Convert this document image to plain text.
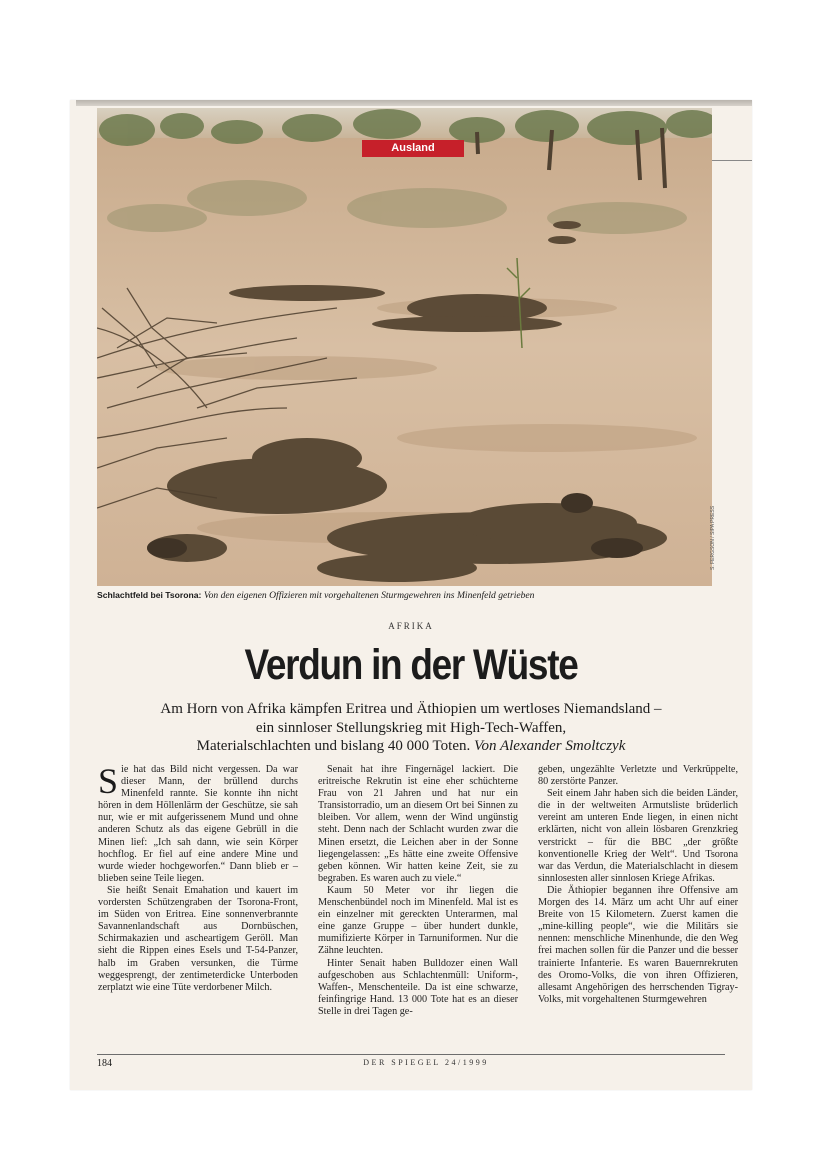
Ausland
S. FERGSON / SIPA PRESS
Schlachtfeld bei Tsorona: Von den eigenen Offizieren mit vorgehaltenen Sturmgewehren ins Minenfeld getrieben
AFRIKA
Verdun in der Wüste
Am Horn von Afrika kämpfen Eritrea und Äthiopien um wertloses Niemandsland –
ein sinnloser Stellungskrieg mit High-Tech-Waffen,
Materialschlachten und bislang 40 000 Toten. Von Alexander Smoltczyk

Sie hat das Bild nicht vergessen. Da war dieser Mann, der brüllend durchs Minenfeld rannte. Sie konnte ihn nicht hören in dem Höllenlärm der Geschütze, sie sah nur, wie er mit aufgerissenem Mund und ohne anderen Schutz als das eigene Gebrüll in die Minen lief: „Ich sah dann, wie sein Körper hochflog. Er fiel auf eine andere Mine und wurde wieder hochgeworfen.“ Dann blieb er – blieben seine Teile liegen.

Sie heißt Senait Emahation und kauert im vordersten Schützengraben der Tsorona-Front, im Süden von Eritrea. Eine sonnenverbrannte Savannenlandschaft aus Dornbüschen, Schirmakazien und ascheartigem Geröll. Man sieht die Rippen eines Esels und T-54-Panzer, halb im Graben versunken, die Türme weggesprengt, der zentimeterdicke Unterboden zerplatzt wie eine Tüte verdorbener Milch.

Senait hat ihre Fingernägel lackiert. Die eritreische Rekrutin ist eine eher schüchterne Frau von 21 Jahren und hat nur ein Transistorradio, um an diesem Ort bei Sinnen zu bleiben. Vor allem, wenn der Wind ungünstig steht. Denn nach der Schlacht wurden zwar die Minen ersetzt, die Leichen aber in der Sonne liegengelassen: „Es hätte eine zweite Offensive geben können. Wir hatten keine Zeit, sie zu begraben. Es waren auch zu viele.“

Kaum 50 Meter vor ihr liegen die Menschenbündel noch im Minenfeld. Mal ist es ein einzelner mit gereckten Unterarmen, mal eine ganze Gruppe – über hundert dunkle, mumifizierte Körper in Tarnuniformen. Nur die Zähne leuchten.

Hinter Senait haben Bulldozer einen Wall aufgeschoben aus Schlachtenmüll: Uniform-, Waffen-, Menschenteile. Da ist eine schwarze, feinfingrige Hand. 13 000 Tote hat es an dieser Stelle in drei Tagen ge-

geben, ungezählte Verletzte und Verkrüppelte, 80 zerstörte Panzer.

Seit einem Jahr haben sich die beiden Länder, die in der weltweiten Armutsliste brüderlich vereint am unteren Ende liegen, in einen nicht erklärten, nicht von allein lösbaren Grenzkrieg verstrickt – für die BBC „der größte konventionelle Krieg der Welt“. Und Tsorona war das Verdun, die Materialschlacht in diesem sinnlosesten aller sinnlosen Kriege Afrikas.

Die Äthiopier begannen ihre Offensive am Morgen des 14. März um acht Uhr auf einer Breite von 15 Kilometern. Zuerst kamen die „mine-killing people“, wie die Militärs sie nennen: menschliche Minenhunde, die den Weg frei machen sollen für die Panzer und die besser trainierte Infanterie. Es waren Bauernrekruten des Oromo-Volks, die von ihren Offizieren, allesamt Angehörigen des herrschenden Tigray-Volks, mit vorgehaltenen Sturmgewehren

184	DER SPIEGEL 24/1999
